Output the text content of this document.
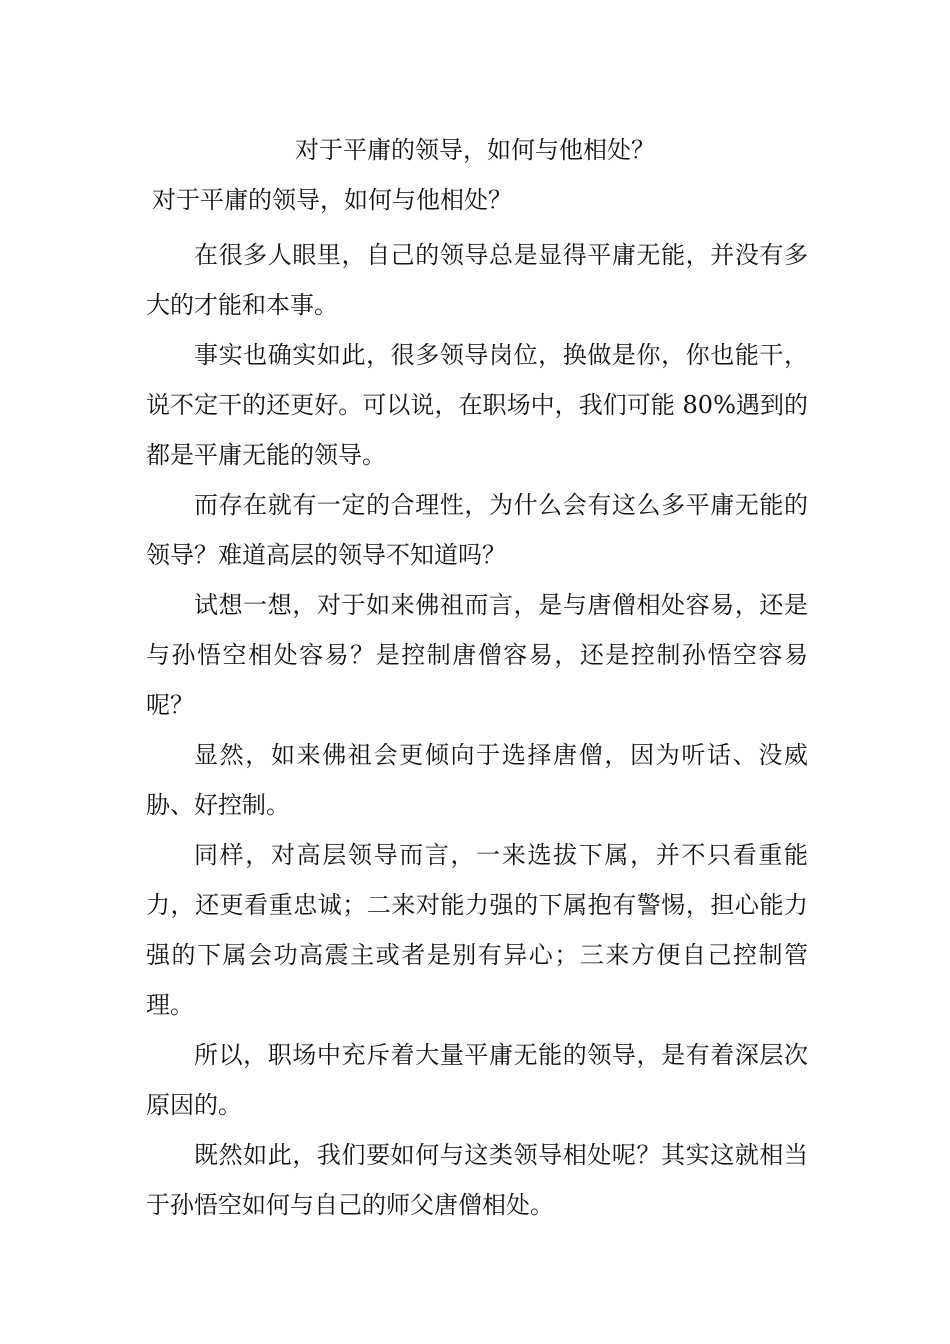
对于平庸的领导，如何与他相处？
对于平庸的领导，如何与他相处？

在很多人眼里，自己的领导总是显得平庸无能，并没有多大的才能和本事。

事实也确实如此，很多领导岗位，换做是你，你也能干，说不定干的还更好。可以说，在职场中，我们可能 80%遇到的都是平庸无能的领导。

而存在就有一定的合理性，为什么会有这么多平庸无能的领导？难道高层的领导不知道吗？

试想一想，对于如来佛祖而言，是与唐僧相处容易，还是与孙悟空相处容易？是控制唐僧容易，还是控制孙悟空容易呢？

显然，如来佛祖会更倾向于选择唐僧，因为听话、没威胁、好控制。

同样，对高层领导而言，一来选拔下属，并不只看重能力，还更看重忠诚；二来对能力强的下属抱有警惕，担心能力强的下属会功高震主或者是别有异心；三来方便自己控制管理。

所以，职场中充斥着大量平庸无能的领导，是有着深层次原因的。

既然如此，我们要如何与这类领导相处呢？其实这就相当于孙悟空如何与自己的师父唐僧相处。
